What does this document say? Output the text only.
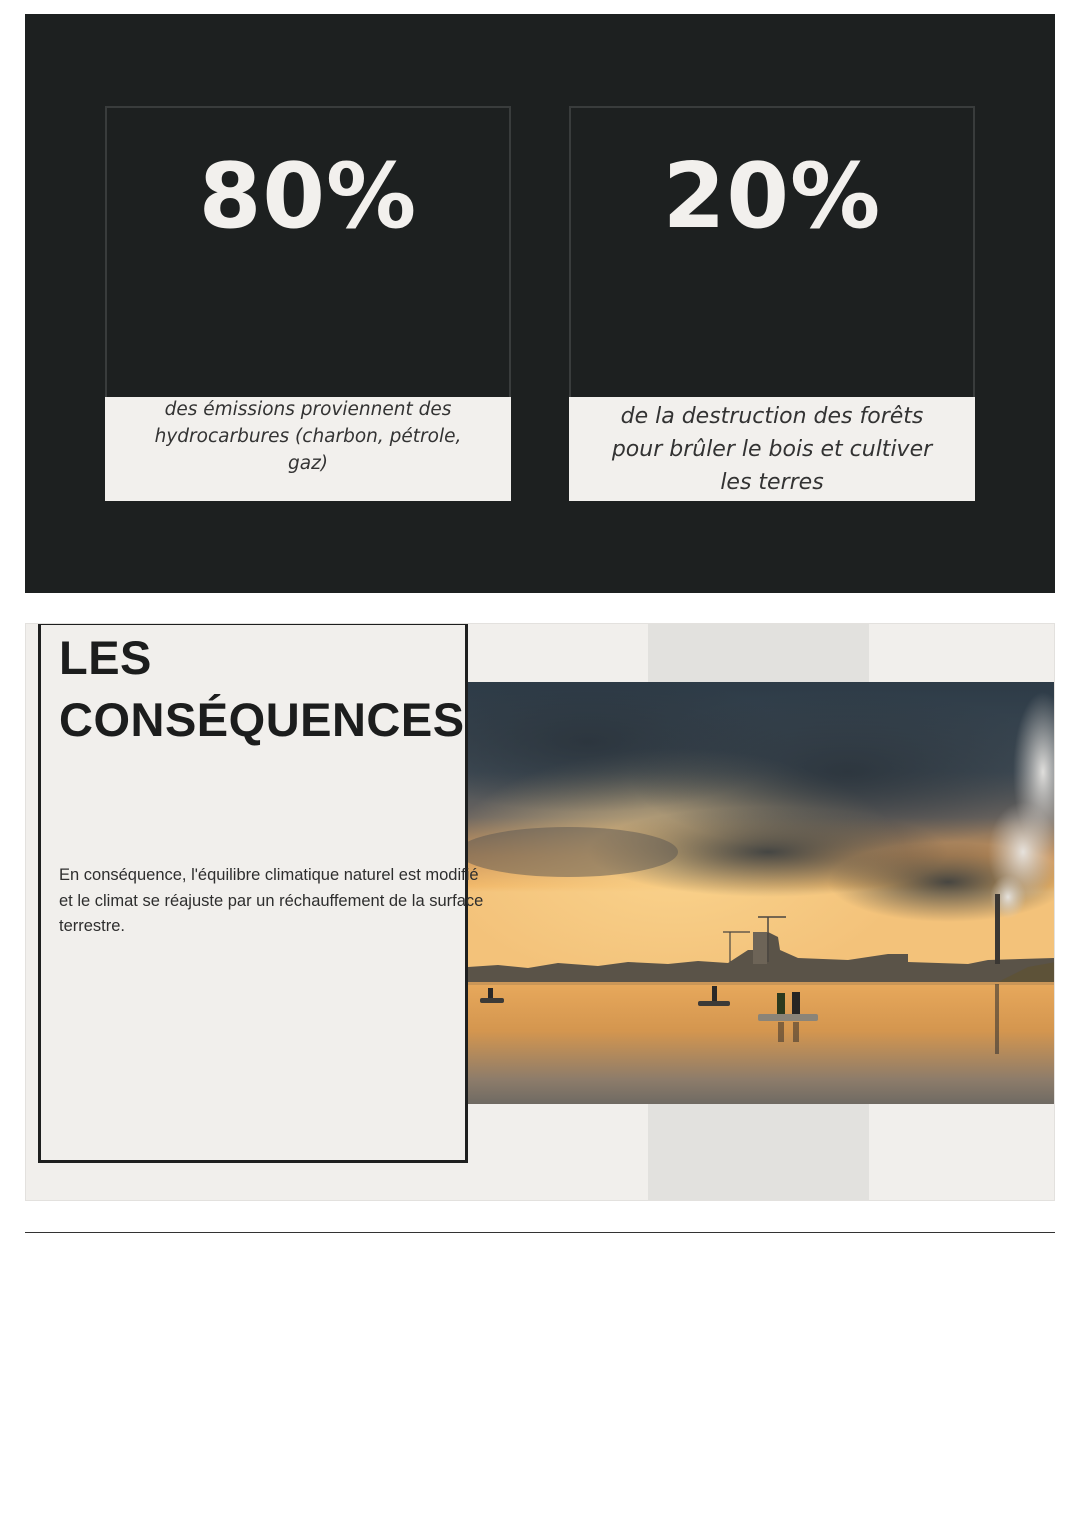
80%
des émissions proviennent des hydrocarbures (charbon, pétrole, gaz)
20%
de la destruction des forêts pour brûler le bois et cultiver les terres
LES
CONSÉQUENCES
En conséquence, l'équilibre climatique naturel est modifié et le climat se réajuste par un réchauffement de la surface terrestre.
